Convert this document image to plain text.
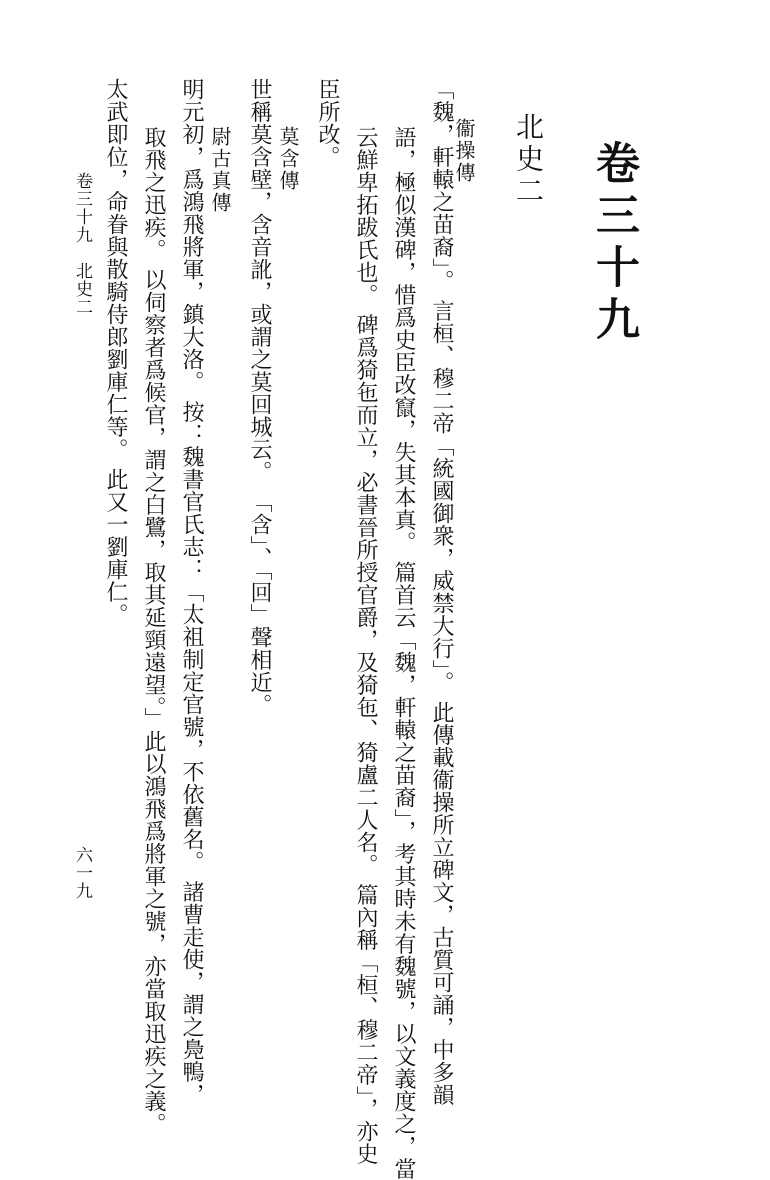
卷三十九
北史二
衞操傳
「魏，軒轅之苗裔」。 言桓、穆二帝「統國御衆，威禁大行」。 此傳載衞操所立碑文，古質可誦，中多韻
語，極似漢碑，惜爲史臣改竄，失其本真。 篇首云「魏，軒轅之苗裔」，考其時未有魏號，以文義度之，當
云鮮卑拓跋氏也。 碑爲猗㐌而立，必書晉所授官爵，及猗㐌、猗盧二人名。 篇內稱「桓、穆二帝」，亦史
臣所改。
莫含傳
世稱莫含壁，含音訛，或謂之莫回城云。 「含」、「回」聲相近。
尉古真傳
明元初，爲鴻飛將軍，鎮大洛。 按：魏書官氏志：「太祖制定官號，不依舊名。 諸曹走使，謂之鳧鴨，
取飛之迅疾。 以伺察者爲候官，謂之白鷺，取其延頸遠望。」此以鴻飛爲將軍之號，亦當取迅疾之義。
太武即位，命眷與散騎侍郎劉庫仁等。 此又一劉庫仁。
卷三十九　北史二
六一九
